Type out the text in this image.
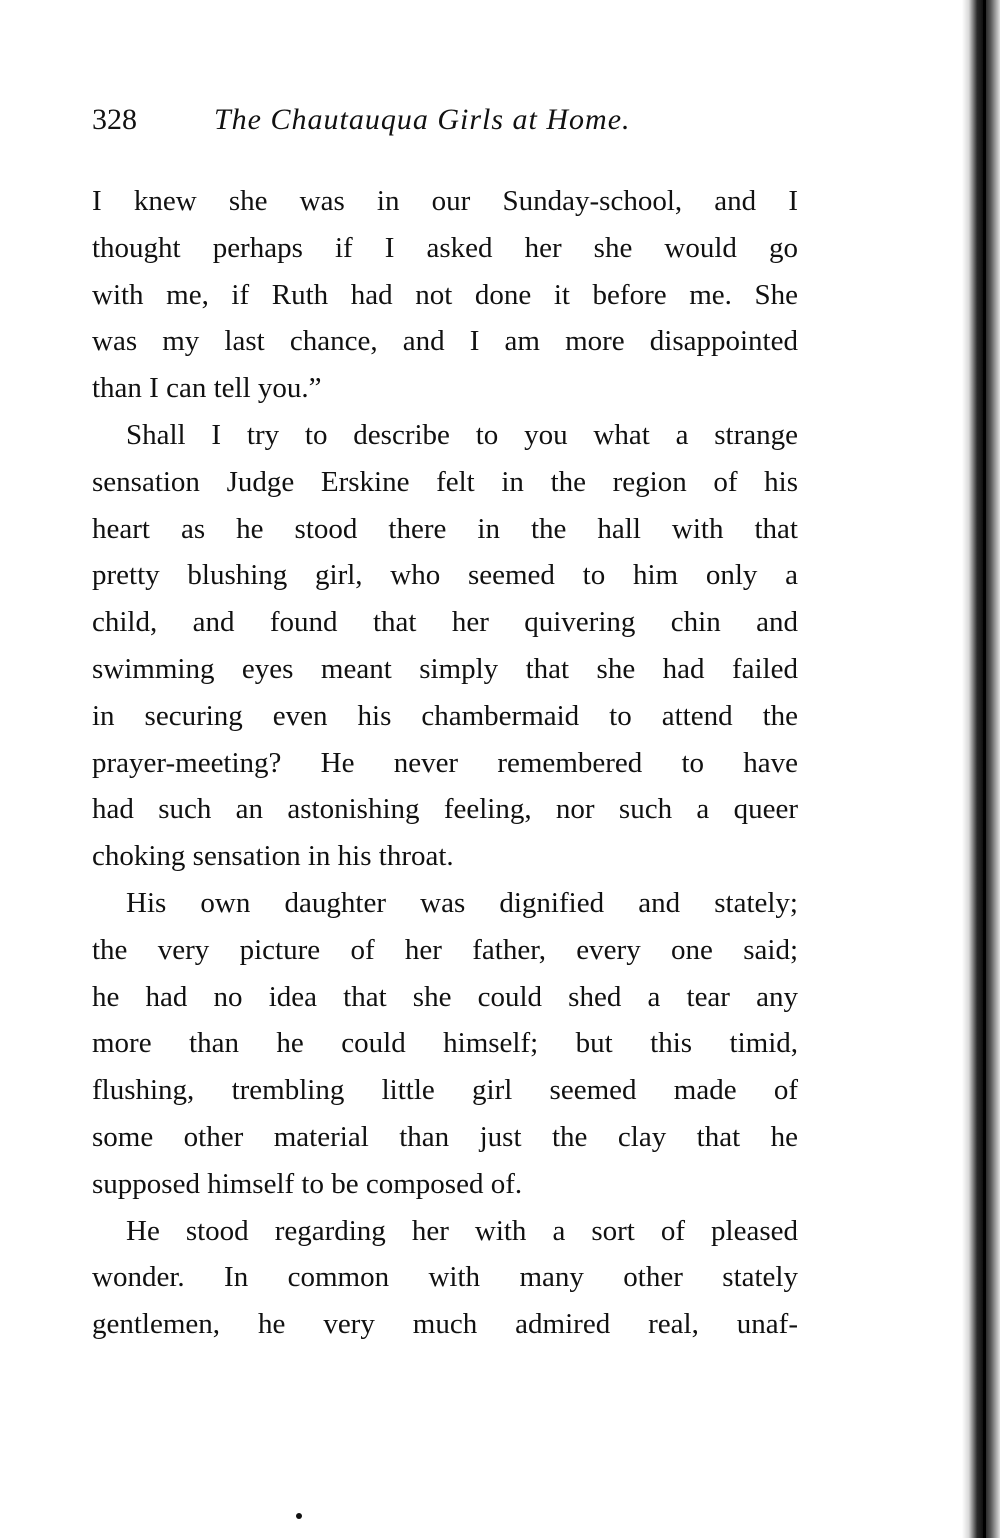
328	The Chautauqua Girls at Home.
I knew she was in our Sunday-school, and I
thought perhaps if I asked her she would go
with me, if Ruth had not done it before me. She
was my last chance, and I am more disappointed
than I can tell you.”
Shall I try to describe to you what a strange
sensation Judge Erskine felt in the region of his
heart as he stood there in the hall with that
pretty blushing girl, who seemed to him only a
child, and found that her quivering chin and
swimming eyes meant simply that she had failed
in securing even his chambermaid to attend the
prayer-meeting? He never remembered to have
had such an astonishing feeling, nor such a queer
choking sensation in his throat.
His own daughter was dignified and stately;
the very picture of her father, every one said;
he had no idea that she could shed a tear any
more than he could himself; but this timid,
flushing, trembling little girl seemed made of
some other material than just the clay that he
supposed himself to be composed of.
He stood regarding her with a sort of pleased
wonder. In common with many other stately
gentlemen, he very much admired real, unaf-
